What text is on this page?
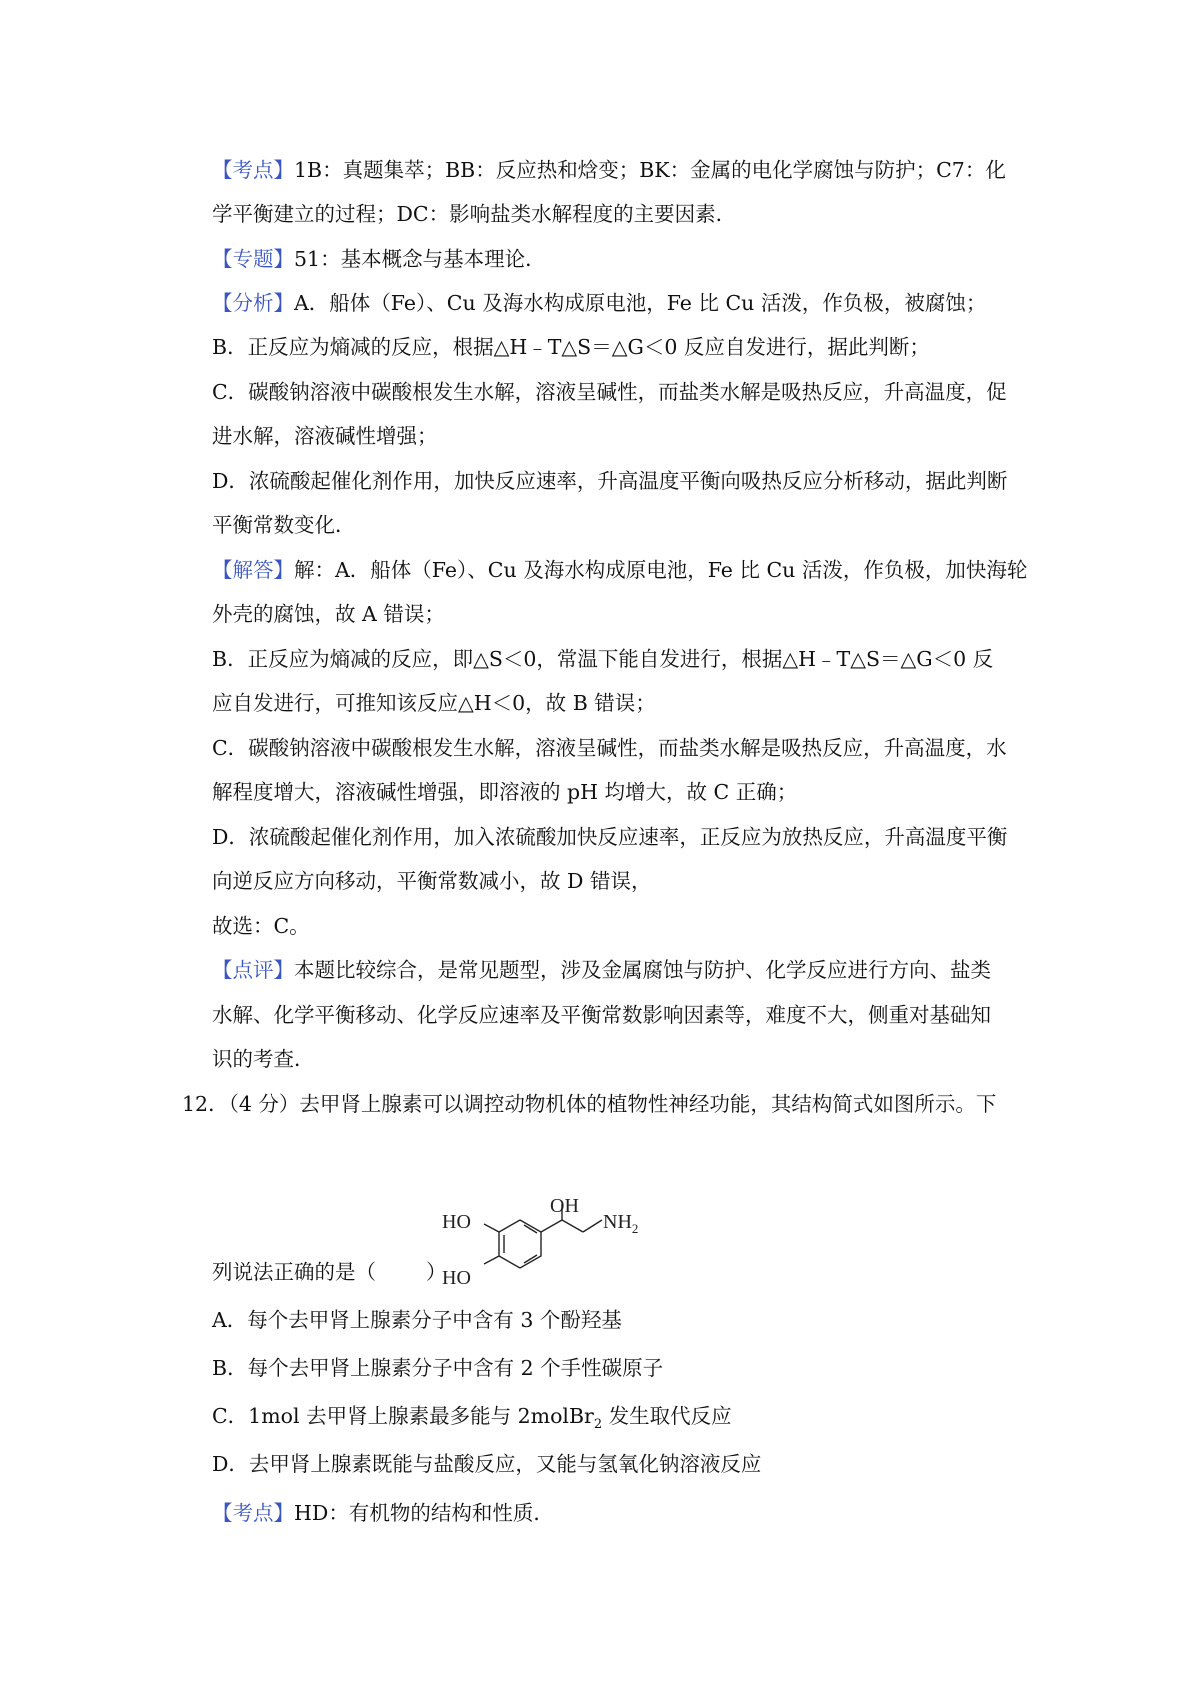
【考点】1B：真题集萃；BB：反应热和焓变；BK：金属的电化学腐蚀与防护；C7：化
学平衡建立的过程；DC：影响盐类水解程度的主要因素．
【专题】51：基本概念与基本理论．
【分析】A．船体（Fe）、Cu 及海水构成原电池，Fe 比 Cu 活泼，作负极，被腐蚀；
B．正反应为熵减的反应，根据△H﹣T△S＝△G＜0 反应自发进行，据此判断；
C．碳酸钠溶液中碳酸根发生水解，溶液呈碱性，而盐类水解是吸热反应，升高温度，促
进水解，溶液碱性增强；
D．浓硫酸起催化剂作用，加快反应速率，升高温度平衡向吸热反应分析移动，据此判断
平衡常数变化．
【解答】解：A．船体（Fe）、Cu 及海水构成原电池，Fe 比 Cu 活泼，作负极，加快海轮
外壳的腐蚀，故 A 错误；
B．正反应为熵减的反应，即△S＜0，常温下能自发进行，根据△H﹣T△S＝△G＜0 反
应自发进行，可推知该反应△H＜0，故 B 错误；
C．碳酸钠溶液中碳酸根发生水解，溶液呈碱性，而盐类水解是吸热反应，升高温度，水
解程度增大，溶液碱性增强，即溶液的 pH 均增大，故 C 正确；
D．浓硫酸起催化剂作用，加入浓硫酸加快反应速率，正反应为放热反应，升高温度平衡
向逆反应方向移动，平衡常数减小，故 D 错误，
故选：C。
【点评】本题比较综合，是常见题型，涉及金属腐蚀与防护、化学反应进行方向、盐类
水解、化学平衡移动、化学反应速率及平衡常数影响因素等，难度不大，侧重对基础知
识的考查．
12．（4 分）去甲肾上腺素可以调控动物机体的植物性神经功能，其结构简式如图所示。下
OH
HO
HO
$NH_2$
列说法正确的是（ ）
A．每个去甲肾上腺素分子中含有 3 个酚羟基
B．每个去甲肾上腺素分子中含有 2 个手性碳原子
C．1mol 去甲肾上腺素最多能与 2molBr$_2$ 发生取代反应
D．去甲肾上腺素既能与盐酸反应，又能与氢氧化钠溶液反应
【考点】HD：有机物的结构和性质．
